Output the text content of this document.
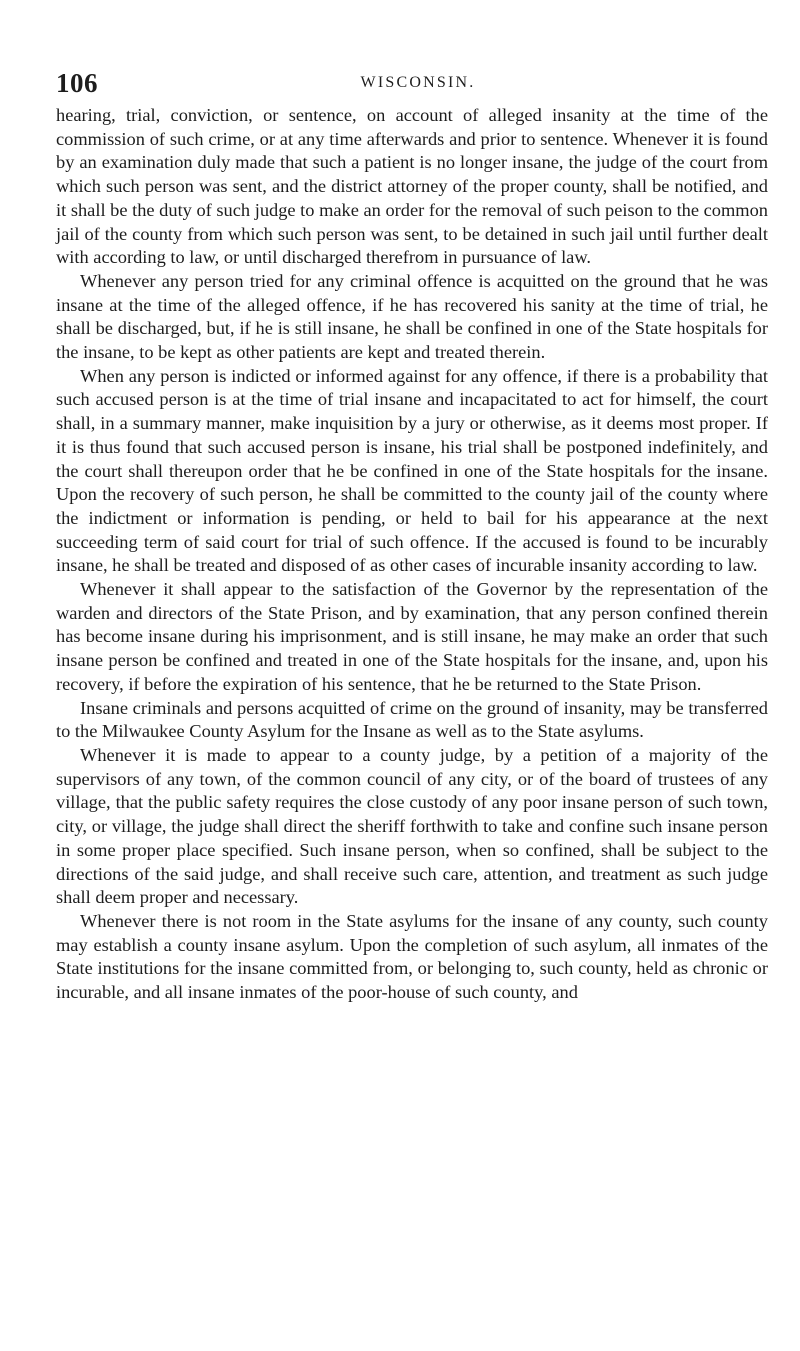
106	WISCONSIN.

hearing, trial, conviction, or sentence, on account of alleged insanity at the time of the commission of such crime, or at any time afterwards and prior to sentence. Whenever it is found by an examination duly made that such a patient is no longer insane, the judge of the court from which such person was sent, and the district attorney of the proper county, shall be notified, and it shall be the duty of such judge to make an order for the removal of such peison to the common jail of the county from which such person was sent, to be detained in such jail until further dealt with according to law, or until discharged therefrom in pursuance of law.

Whenever any person tried for any criminal offence is acquitted on the ground that he was insane at the time of the alleged offence, if he has recovered his sanity at the time of trial, he shall be discharged, but, if he is still insane, he shall be confined in one of the State hospitals for the insane, to be kept as other patients are kept and treated therein.

When any person is indicted or informed against for any offence, if there is a probability that such accused person is at the time of trial insane and incapacitated to act for himself, the court shall, in a summary manner, make inquisition by a jury or otherwise, as it deems most proper. If it is thus found that such accused person is insane, his trial shall be postponed indefinitely, and the court shall thereupon order that he be confined in one of the State hospitals for the insane. Upon the recovery of such person, he shall be committed to the county jail of the county where the indictment or information is pending, or held to bail for his appearance at the next succeeding term of said court for trial of such offence. If the accused is found to be incurably insane, he shall be treated and disposed of as other cases of incurable insanity according to law.

Whenever it shall appear to the satisfaction of the Governor by the representation of the warden and directors of the State Prison, and by examination, that any person confined therein has become insane during his imprisonment, and is still insane, he may make an order that such insane person be confined and treated in one of the State hospitals for the insane, and, upon his recovery, if before the expiration of his sentence, that he be returned to the State Prison.

Insane criminals and persons acquitted of crime on the ground of insanity, may be transferred to the Milwaukee County Asylum for the Insane as well as to the State asylums.

Whenever it is made to appear to a county judge, by a petition of a majority of the supervisors of any town, of the common council of any city, or of the board of trustees of any village, that the public safety requires the close custody of any poor insane person of such town, city, or village, the judge shall direct the sheriff forthwith to take and confine such insane person in some proper place specified. Such insane person, when so confined, shall be subject to the directions of the said judge, and shall receive such care, attention, and treatment as such judge shall deem proper and necessary.

Whenever there is not room in the State asylums for the insane of any county, such county may establish a county insane asylum. Upon the completion of such asylum, all inmates of the State institutions for the insane committed from, or belonging to, such county, held as chronic or incurable, and all insane inmates of the poor-house of such county, and
